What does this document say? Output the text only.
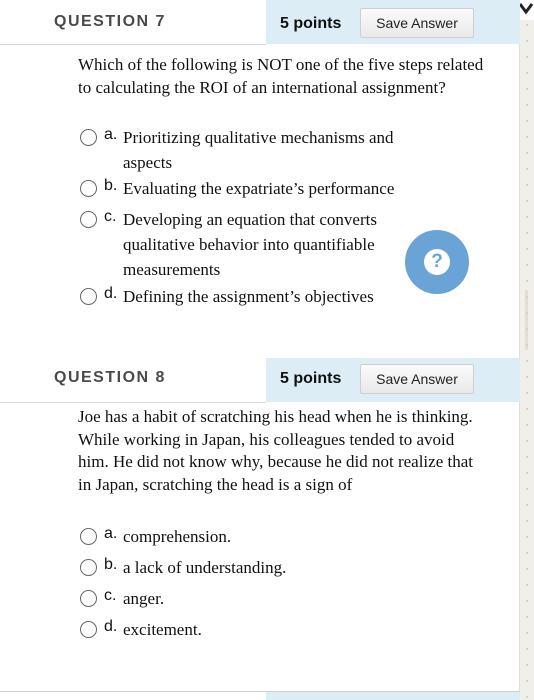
QUESTION 7	5 points	Save Answer
Which of the following is NOT one of the five steps related to calculating the ROI of an international assignment?
a. Prioritizing qualitative mechanisms and aspects
b. Evaluating the expatriate’s performance
c. Developing an equation that converts qualitative behavior into quantifiable measurements
d. Defining the assignment’s objectives
?
QUESTION 8	5 points	Save Answer
Joe has a habit of scratching his head when he is thinking. While working in Japan, his colleagues tended to avoid him. He did not know why, because he did not realize that in Japan, scratching the head is a sign of
a. comprehension.
b. a lack of understanding.
c. anger.
d. excitement.
